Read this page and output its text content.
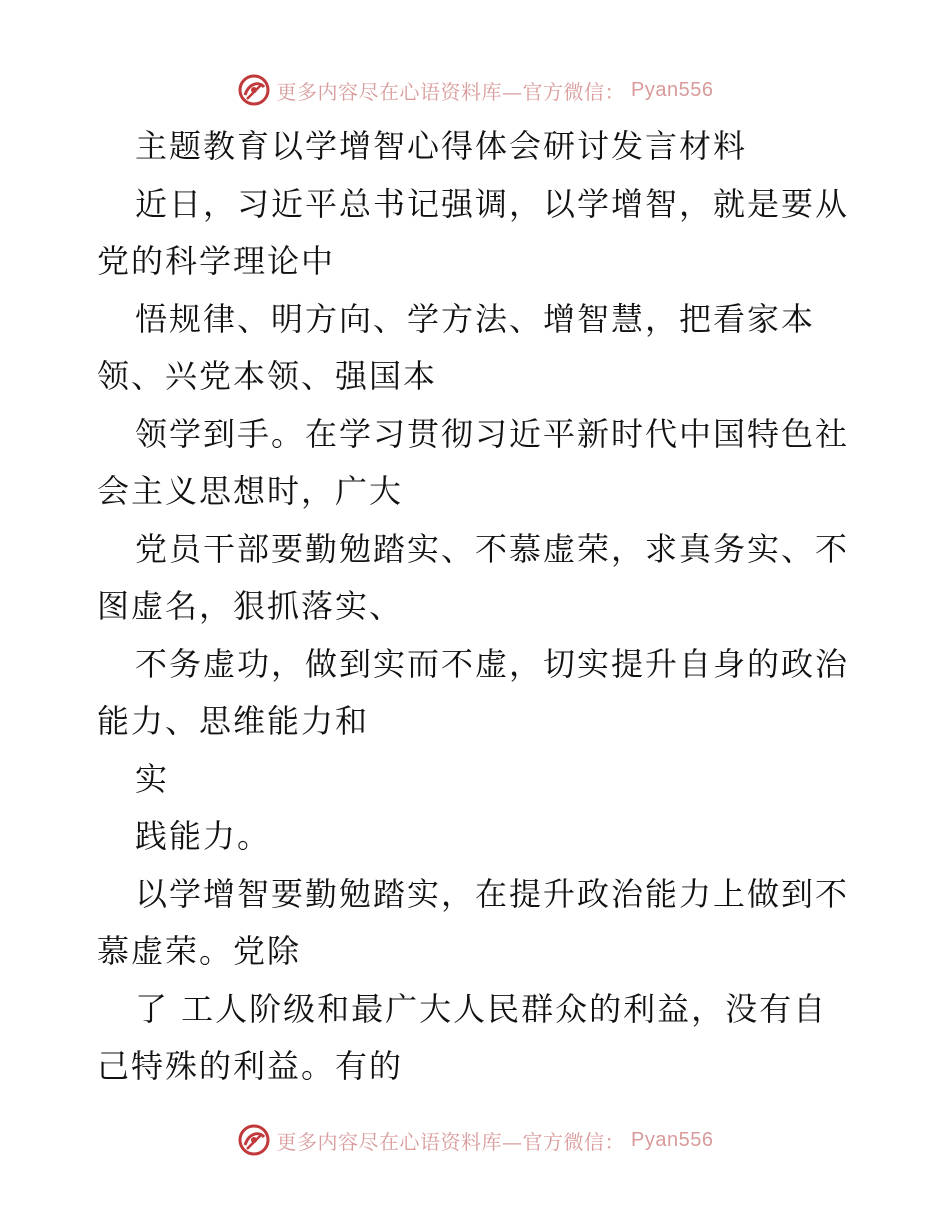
更多内容尽在心语资料库—官方微信： Pyan556
主题教育以学增智心得体会研讨发言材料
近日，习近平总书记强调，以学增智，就是要从
党的科学理论中
悟规律、明方向、学方法、增智慧，把看家本
领、兴党本领、强国本
领学到手。在学习贯彻习近平新时代中国特色社
会主义思想时，广大
党员干部要勤勉踏实、不慕虚荣，求真务实、不
图虚名，狠抓落实、
不务虚功，做到实而不虚，切实提升自身的政治
能力、思维能力和
实
践能力。
以学增智要勤勉踏实，在提升政治能力上做到不
慕虚荣。党除
了 工人阶级和最广大人民群众的利益，没有自
己特殊的利益。有的
更多内容尽在心语资料库—官方微信： Pyan556
